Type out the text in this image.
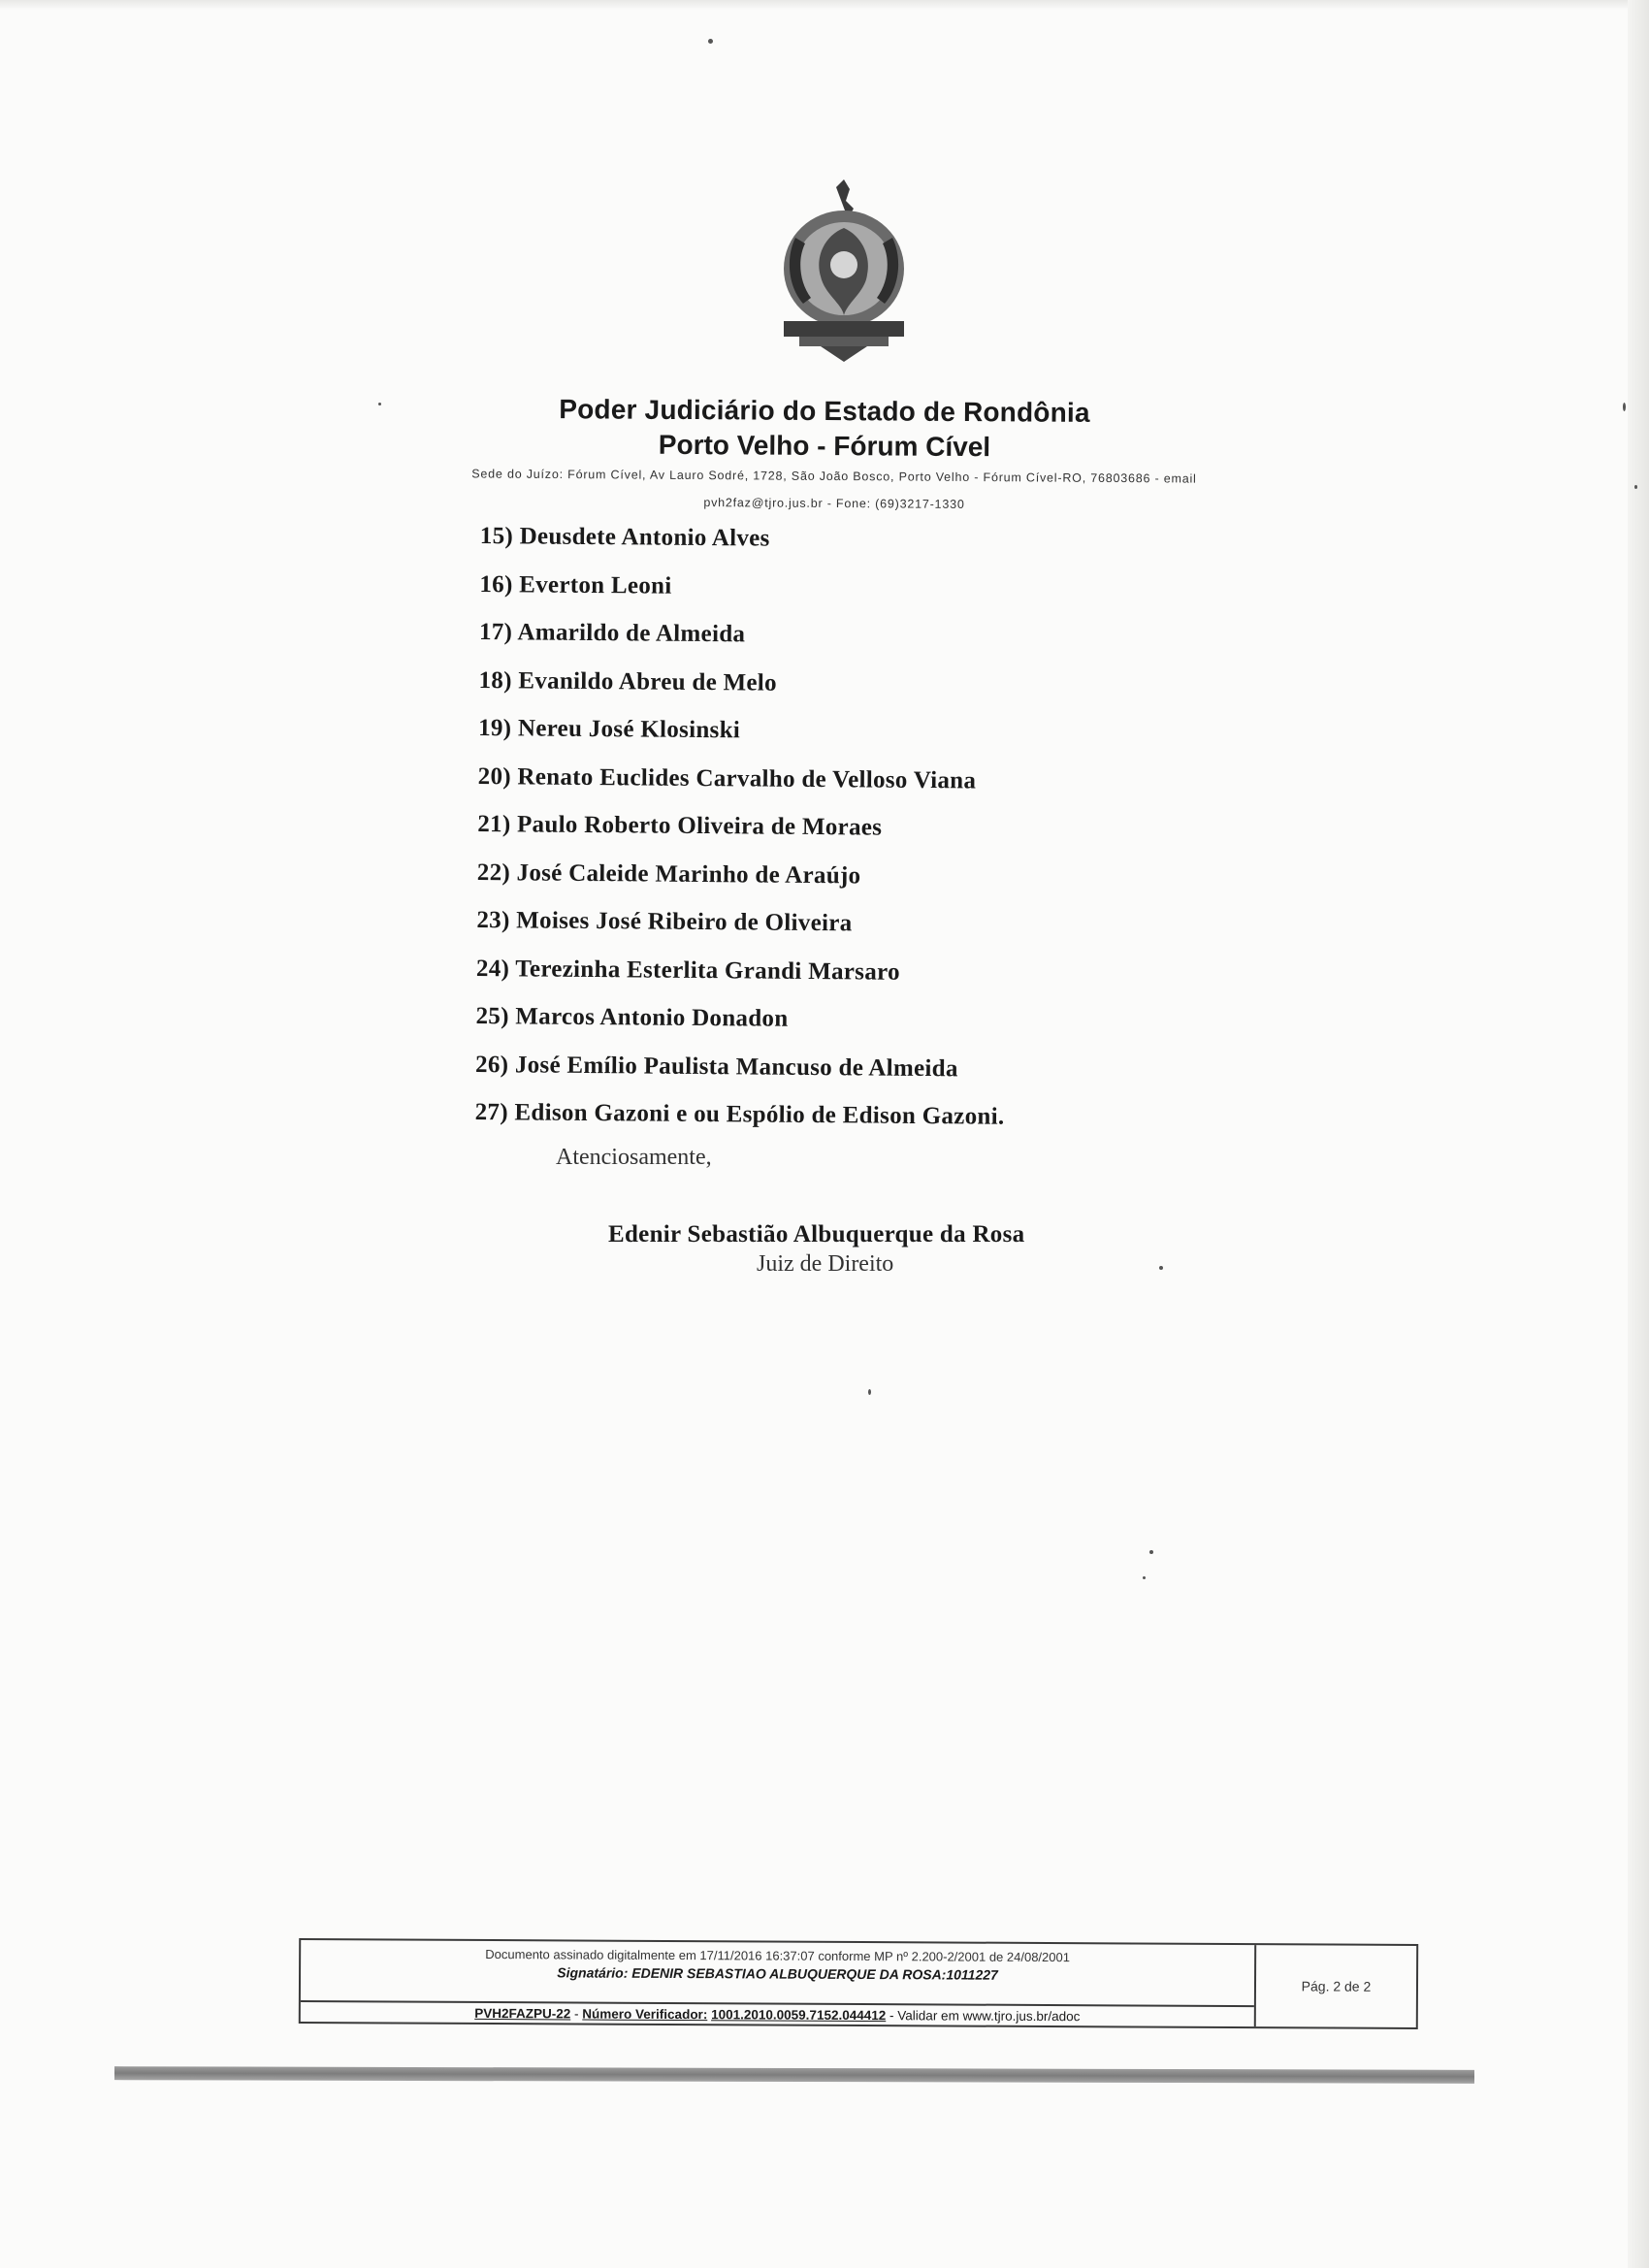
Poder Judiciário do Estado de Rondônia
Porto Velho - Fórum Cível
Sede do Juízo: Fórum Cível, Av Lauro Sodré, 1728, São João Bosco, Porto Velho - Fórum Cível-RO, 76803686 - email
pvh2faz@tjro.jus.br - Fone: (69)3217-1330
15) Deusdete Antonio Alves
16) Everton Leoni
17) Amarildo de Almeida
18) Evanildo Abreu de Melo
19) Nereu José Klosinski
20) Renato Euclides Carvalho de Velloso Viana
21) Paulo Roberto Oliveira de Moraes
22) José Caleide Marinho de Araújo
23) Moises José Ribeiro de Oliveira
24) Terezinha Esterlita Grandi Marsaro
25) Marcos Antonio Donadon
26) José Emílio Paulista Mancuso de Almeida
27) Edison Gazoni e ou Espólio de Edison Gazoni.
Atenciosamente,
Edenir Sebastião Albuquerque da Rosa
Juiz de Direito
Documento assinado digitalmente em 17/11/2016 16:37:07 conforme MP nº 2.200-2/2001 de 24/08/2001
Signatário: EDENIR SEBASTIAO ALBUQUERQUE DA ROSA:1011227
PVH2FAZPU-22 - Número Verificador: 1001.2010.0059.7152.044412 - Validar em www.tjro.jus.br/adoc
Pág. 2 de 2
